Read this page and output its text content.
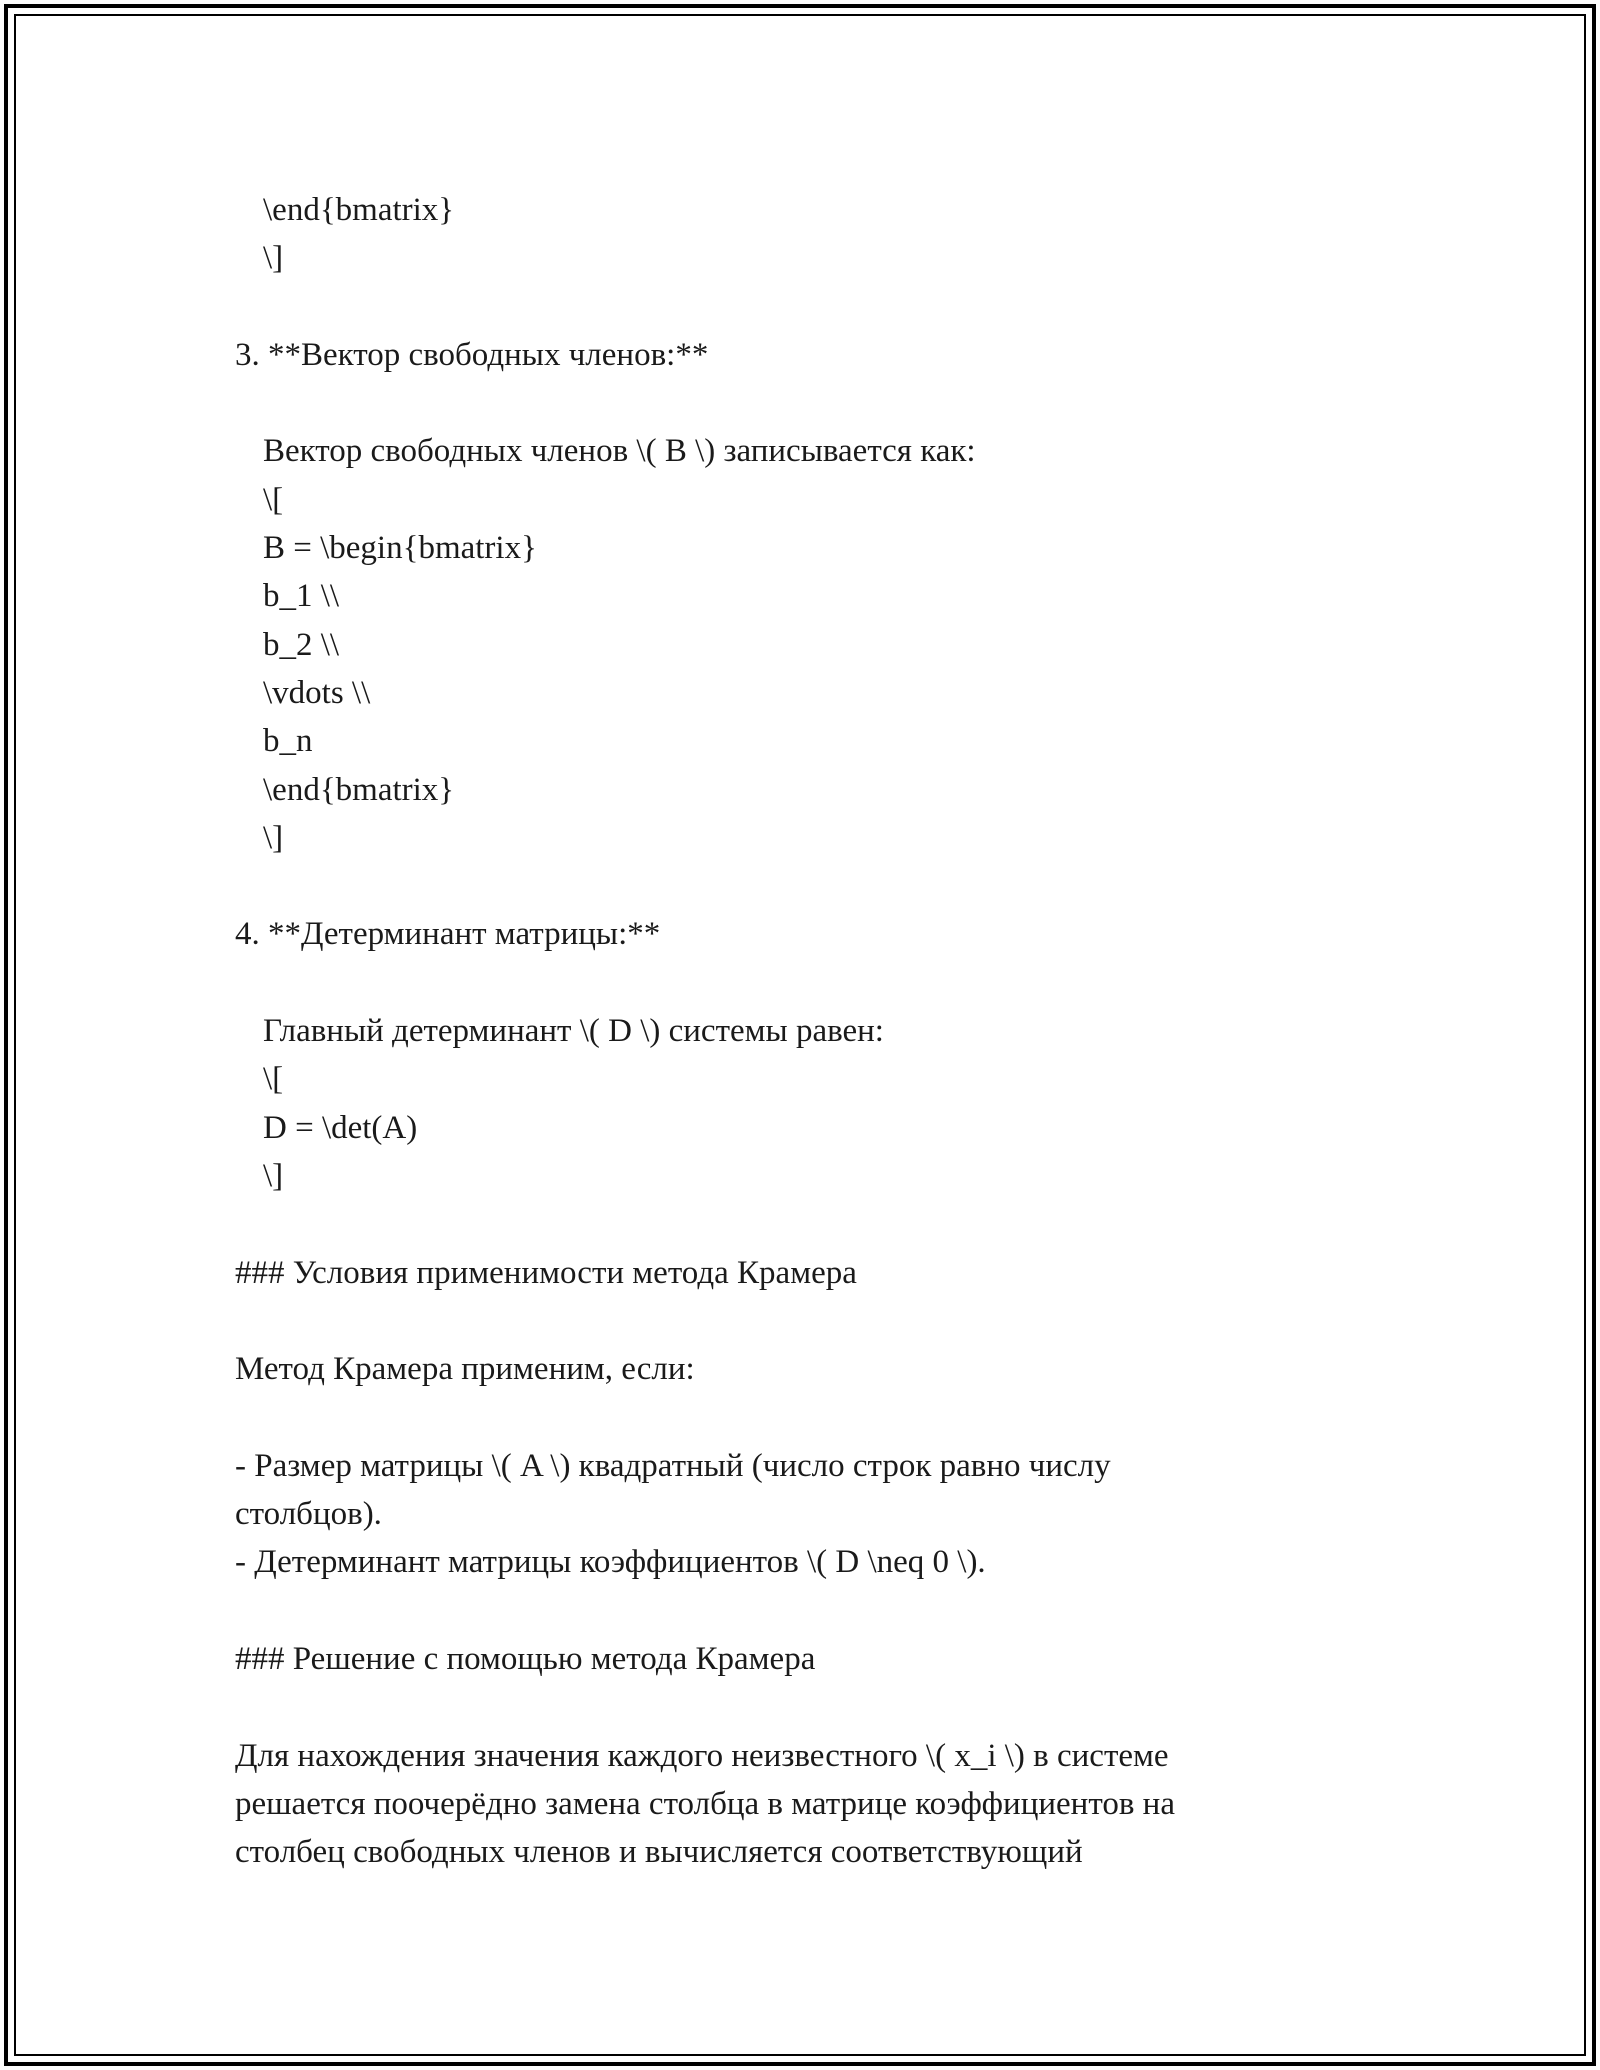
\end{bmatrix}
\]
3. **Вектор свободных членов:**
Вектор свободных членов \( B \) записывается как:
\[
B = \begin{bmatrix}
b_1 \\
b_2 \\
\vdots \\
b_n
\end{bmatrix}
\]
4. **Детерминант матрицы:**
Главный детерминант \( D \) системы равен:
\[
D = \det(A)
\]
### Условия применимости метода Крамера
Метод Крамера применим, если:
- Размер матрицы \( A \) квадратный (число строк равно числу
столбцов).
- Детерминант матрицы коэффициентов \( D \neq 0 \).
### Решение с помощью метода Крамера
Для нахождения значения каждого неизвестного \( x_i \) в системе
решается поочерёдно замена столбца в матрице коэффициентов на
столбец свободных членов и вычисляется соответствующий
